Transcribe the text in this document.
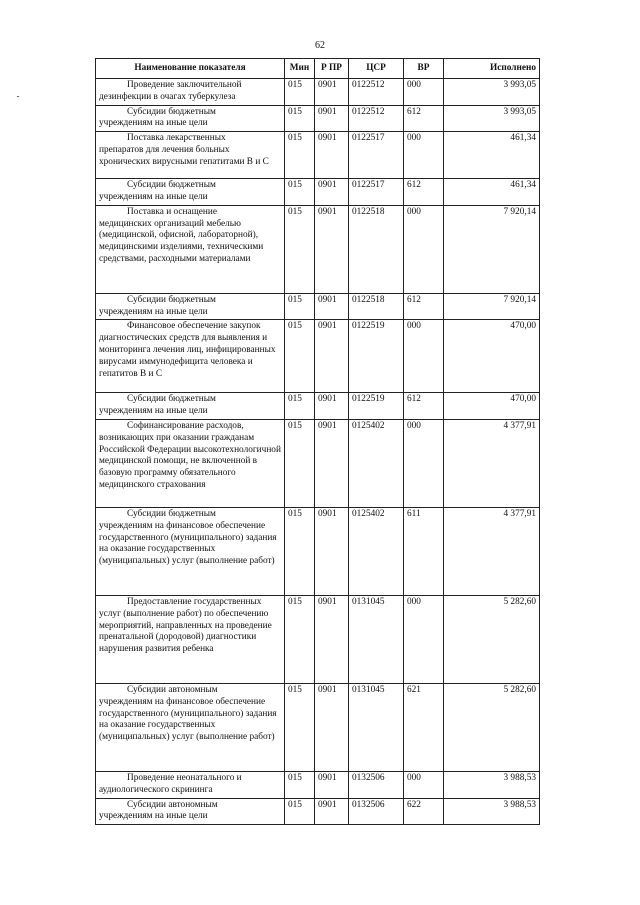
62
Наименование показателя	Мин	Р ПР	ЦСР	ВР	Исполнено

Проведение заключительной
дезинфекции в очагах туберкулеза	015	0901	0122512	000	3 993,05

Субсидии бюджетным
учреждениям на иные цели	015	0901	0122512	612	3 993,05

Поставка лекарственных
препаратов для лечения больных хронических вирусными гепатитами В и С	015	0901	0122517	000	461,34

Субсидии бюджетным
учреждениям на иные цели	015	0901	0122517	612	461,34

Поставка и оснащение
медицинских организаций мебелью (медицинской, офисной, лабораторной), медицинскими изделиями, техническими средствами, расходными материалами	015	0901	0122518	000	7 920,14

Субсидии бюджетным
учреждениям на иные цели	015	0901	0122518	612	7 920,14

Финансовое обеспечение закупок
диагностических средств для выявления и мониторинга лечения лиц, инфицированных вирусами иммунодефицита человека и гепатитов В и С	015	0901	0122519	000	470,00

Субсидии бюджетным
учреждениям на иные цели	015	0901	0122519	612	470,00

Софинансирование расходов,
возникающих при оказании гражданам Российской Федерации высокотехнологичной медицинской помощи, не включенной в базовую программу обязательного медицинского страхования	015	0901	0125402	000	4 377,91

Субсидии бюджетным
учреждениям на финансовое обеспечение государственного (муниципального) задания на оказание государственных (муниципальных) услуг (выполнение работ)	015	0901	0125402	611	4 377,91

Предоставление государственных
услуг (выполнение работ) по обеспечению мероприятий, направленных на проведение пренатальной (дородовой) диагностики нарушения развития ребенка	015	0901	0131045	000	5 282,60

Субсидии автономным
учреждениям на финансовое обеспечение государственного (муниципального) задания на оказание государственных (муниципальных) услуг (выполнение работ)	015	0901	0131045	621	5 282,60

Проведение неонатального и
аудиологического скрининга	015	0901	0132506	000	3 988,53

Субсидии автономным
учреждениям на иные цели	015	0901	0132506	622	3 988,53
